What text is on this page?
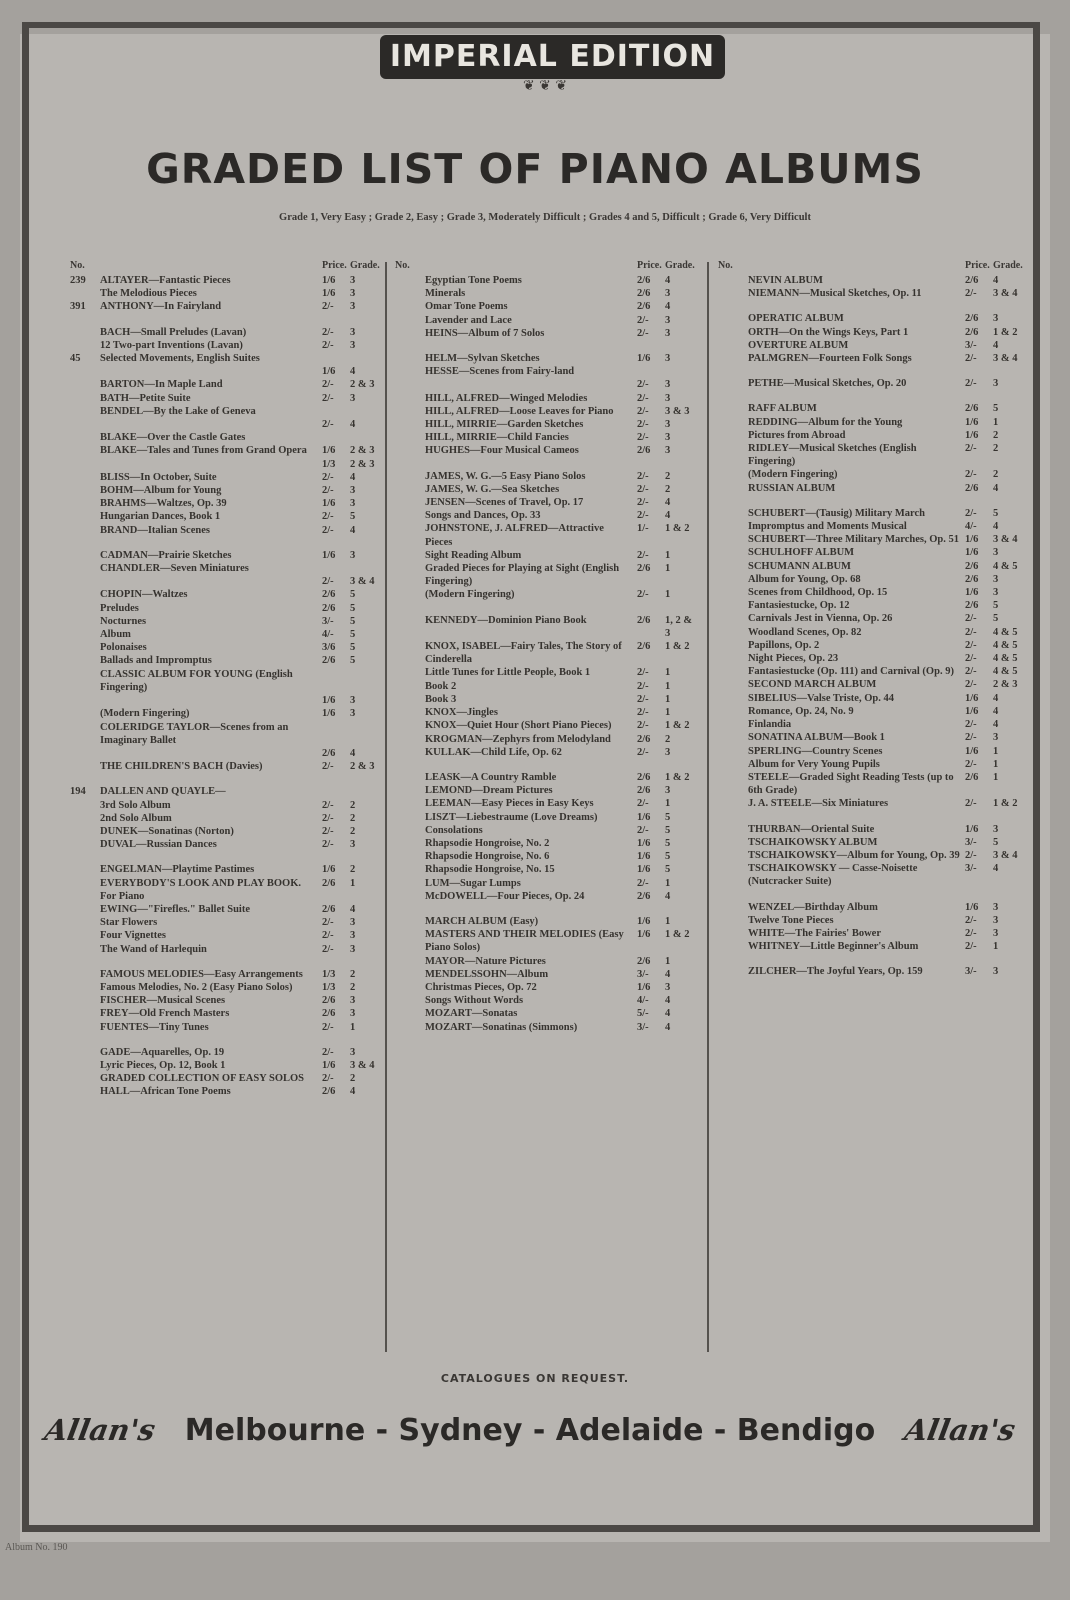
IMPERIAL EDITION
❦ ❦ ❦
GRADED LIST OF PIANO ALBUMS
Grade 1, Very Easy ; Grade 2, Easy ; Grade 3, Moderately Difficult ; Grades 4 and 5, Difficult ; Grade 6, Very Difficult
No.	Price. Grade.
239	ALTAYER—Fantastic Pieces	1/6	3
The Melodious Pieces	1/6	3
391	ANTHONY—In Fairyland	2/-	3
BACH—Small Preludes (Lavan)	2/-	3
12 Two-part Inventions (Lavan)	2/-	3
45	Selected Movements, English Suites
1/6	4
BARTON—In Maple Land	2/-	2 & 3
BATH—Petite Suite	2/-	3
BENDEL—By the Lake of Geneva
2/-	4
BLAKE—Over the Castle Gates
BLAKE—Tales and Tunes from Grand Opera	1/6	2 & 3
1/3	2 & 3
BLISS—In October, Suite	2/-	4
BOHM—Album for Young	2/-	3
BRAHMS—Waltzes, Op. 39	1/6	3
Hungarian Dances, Book 1	2/-	5
BRAND—Italian Scenes	2/-	4
CADMAN—Prairie Sketches	1/6	3
CHANDLER—Seven Miniatures
2/-	3 & 4
CHOPIN—Waltzes	2/6	5
Preludes	2/6	5
Nocturnes	3/-	5
Album	4/-	5
Polonaises	3/6	5
Ballads and Impromptus	2/6	5
CLASSIC ALBUM FOR YOUNG (English Fingering)
1/6	3
(Modern Fingering)	1/6	3
COLERIDGE TAYLOR—Scenes from an Imaginary Ballet
2/6	4
THE CHILDREN'S BACH (Davies)	2/-	2 & 3
194	DALLEN AND QUAYLE—
3rd Solo Album	2/-	2
2nd Solo Album	2/-	2
DUNEK—Sonatinas (Norton)	2/-	2
DUVAL—Russian Dances	2/-	3
ENGELMAN—Playtime Pastimes	1/6	2
EVERYBODY'S LOOK AND PLAY BOOK. For Piano
2/6	1
EWING—"Firefles." Ballet Suite	2/6	4
Star Flowers	2/-	3
Four Vignettes	2/-	3
The Wand of Harlequin	2/-	3
FAMOUS MELODIES—Easy Arrangements	1/3	2
Famous Melodies, No. 2 (Easy Piano Solos)	1/3	2
FISCHER—Musical Scenes	2/6	3
FREY—Old French Masters	2/6	3
FUENTES—Tiny Tunes	2/-	1
GADE—Aquarelles, Op. 19	2/-	3
Lyric Pieces, Op. 12, Book 1	1/6	3 & 4
GRADED COLLECTION OF EASY SOLOS	2/-	2
HALL—African Tone Poems	2/6	4
No.	Price. Grade.
Egyptian Tone Poems	2/6	4
Minerals	2/6	3
Omar Tone Poems	2/6	4
Lavender and Lace	2/-	3
HEINS—Album of 7 Solos	2/-	3
HELM—Sylvan Sketches	1/6	3
HESSE—Scenes from Fairy-land
2/-	3
HILL, ALFRED—Winged Melodies	2/-	3
HILL, ALFRED—Loose Leaves for Piano	2/-	3 & 3
HILL, MIRRIE—Garden Sketches	2/-	3
HILL, MIRRIE—Child Fancies	2/-	3
HUGHES—Four Musical Cameos	2/6	3
JAMES, W. G.—5 Easy Piano Solos	2/-	2
JAMES, W. G.—Sea Sketches	2/-	2
JENSEN—Scenes of Travel, Op. 17	2/-	4
Songs and Dances, Op. 33	2/-	4
JOHNSTONE, J. ALFRED—Attractive Pieces
1/-	1 & 2
Sight Reading Album	2/-	1
Graded Pieces for Playing at Sight (English Fingering)
2/6	1
(Modern Fingering)	2/-	1
KENNEDY—Dominion Piano Book	2/6	1, 2 & 3
KNOX, ISABEL—Fairy Tales, The Story of Cinderella
2/6	1 & 2
Little Tunes for Little People, Book 1	2/-	1
Book 2	2/-	1
Book 3	2/-	1
KNOX—Jingles	2/-	1
KNOX—Quiet Hour (Short Piano Pieces)	2/-	1 & 2
KROGMAN—Zephyrs from Melodyland	2/6	2
KULLAK—Child Life, Op. 62	2/-	3
LEASK—A Country Ramble	2/6	1 & 2
LEMOND—Dream Pictures	2/6	3
LEEMAN—Easy Pieces in Easy Keys	2/-	1
LISZT—Liebestraume (Love Dreams)	1/6	5
Consolations	2/-	5
Rhapsodie Hongroise, No. 2	1/6	5
Rhapsodie Hongroise, No. 6	1/6	5
Rhapsodie Hongroise, No. 15	1/6	5
LUM—Sugar Lumps	2/-	1
McDOWELL—Four Pieces, Op. 24	2/6	4
MARCH ALBUM (Easy)	1/6	1
MASTERS AND THEIR MELODIES (Easy Piano Solos)
1/6	1 & 2
MAYOR—Nature Pictures	2/6	1
MENDELSSOHN—Album	3/-	4
Christmas Pieces, Op. 72	1/6	3
Songs Without Words	4/-	4
MOZART—Sonatas	5/-	4
MOZART—Sonatinas (Simmons)	3/-	4
No.	Price. Grade.
NEVIN ALBUM	2/6	4
NIEMANN—Musical Sketches, Op. 11	2/-	3 & 4
OPERATIC ALBUM	2/6	3
ORTH—On the Wings Keys, Part 1	2/6	1 & 2
OVERTURE ALBUM	3/-	4
PALMGREN—Fourteen Folk Songs	2/-	3 & 4
PETHE—Musical Sketches, Op. 20	2/-	3
RAFF ALBUM	2/6	5
REDDING—Album for the Young	1/6	1
Pictures from Abroad	1/6	2
RIDLEY—Musical Sketches (English Fingering)
2/-	2
(Modern Fingering)	2/-	2
RUSSIAN ALBUM	2/6	4
SCHUBERT—(Tausig) Military March	2/-	5
Impromptus and Moments Musical	4/-	4
SCHUBERT—Three Military Marches, Op. 51 1/6	3 & 4
SCHULHOFF ALBUM	1/6	3
SCHUMANN ALBUM	2/6	4 & 5
Album for Young, Op. 68	2/6	3
Scenes from Childhood, Op. 15	1/6	3
Fantasiestucke, Op. 12	2/6	5
Carnivals Jest in Vienna, Op. 26	2/-	5
Woodland Scenes, Op. 82	2/-	4 & 5
Papillons, Op. 2	2/-	4 & 5
Night Pieces, Op. 23	2/-	4 & 5
Fantasiestucke (Op. 111) and Carnival (Op. 9)	2/-	4 & 5
SECOND MARCH ALBUM	2/-	2 & 3
SIBELIUS—Valse Triste, Op. 44	1/6	4
Romance, Op. 24, No. 9	1/6	4
Finlandia	2/-	4
SONATINA ALBUM—Book 1	2/-	3
SPERLING—Country Scenes	1/6	1
Album for Very Young Pupils	2/-	1
STEELE—Graded Sight Reading Tests (up to 6th Grade)
2/6	1
J. A. STEELE—Six Miniatures	2/-	1 & 2
THURBAN—Oriental Suite	1/6	3
TSCHAIKOWSKY ALBUM	3/-	5
TSCHAIKOWSKY—Album for Young, Op. 39 2/-	3 & 4
TSCHAIKOWSKY — Casse-Noisette (Nutcracker Suite)
3/-	4
WENZEL—Birthday Album	1/6	3
Twelve Tone Pieces	2/-	3
WHITE—The Fairies' Bower	2/-	3
WHITNEY—Little Beginner's Album	2/-	1
ZILCHER—The Joyful Years, Op. 159	3/-	3
CATALOGUES ON REQUEST.
Allan's Melbourne - Sydney - Adelaide - Bendigo Allan's
Album No. 190
